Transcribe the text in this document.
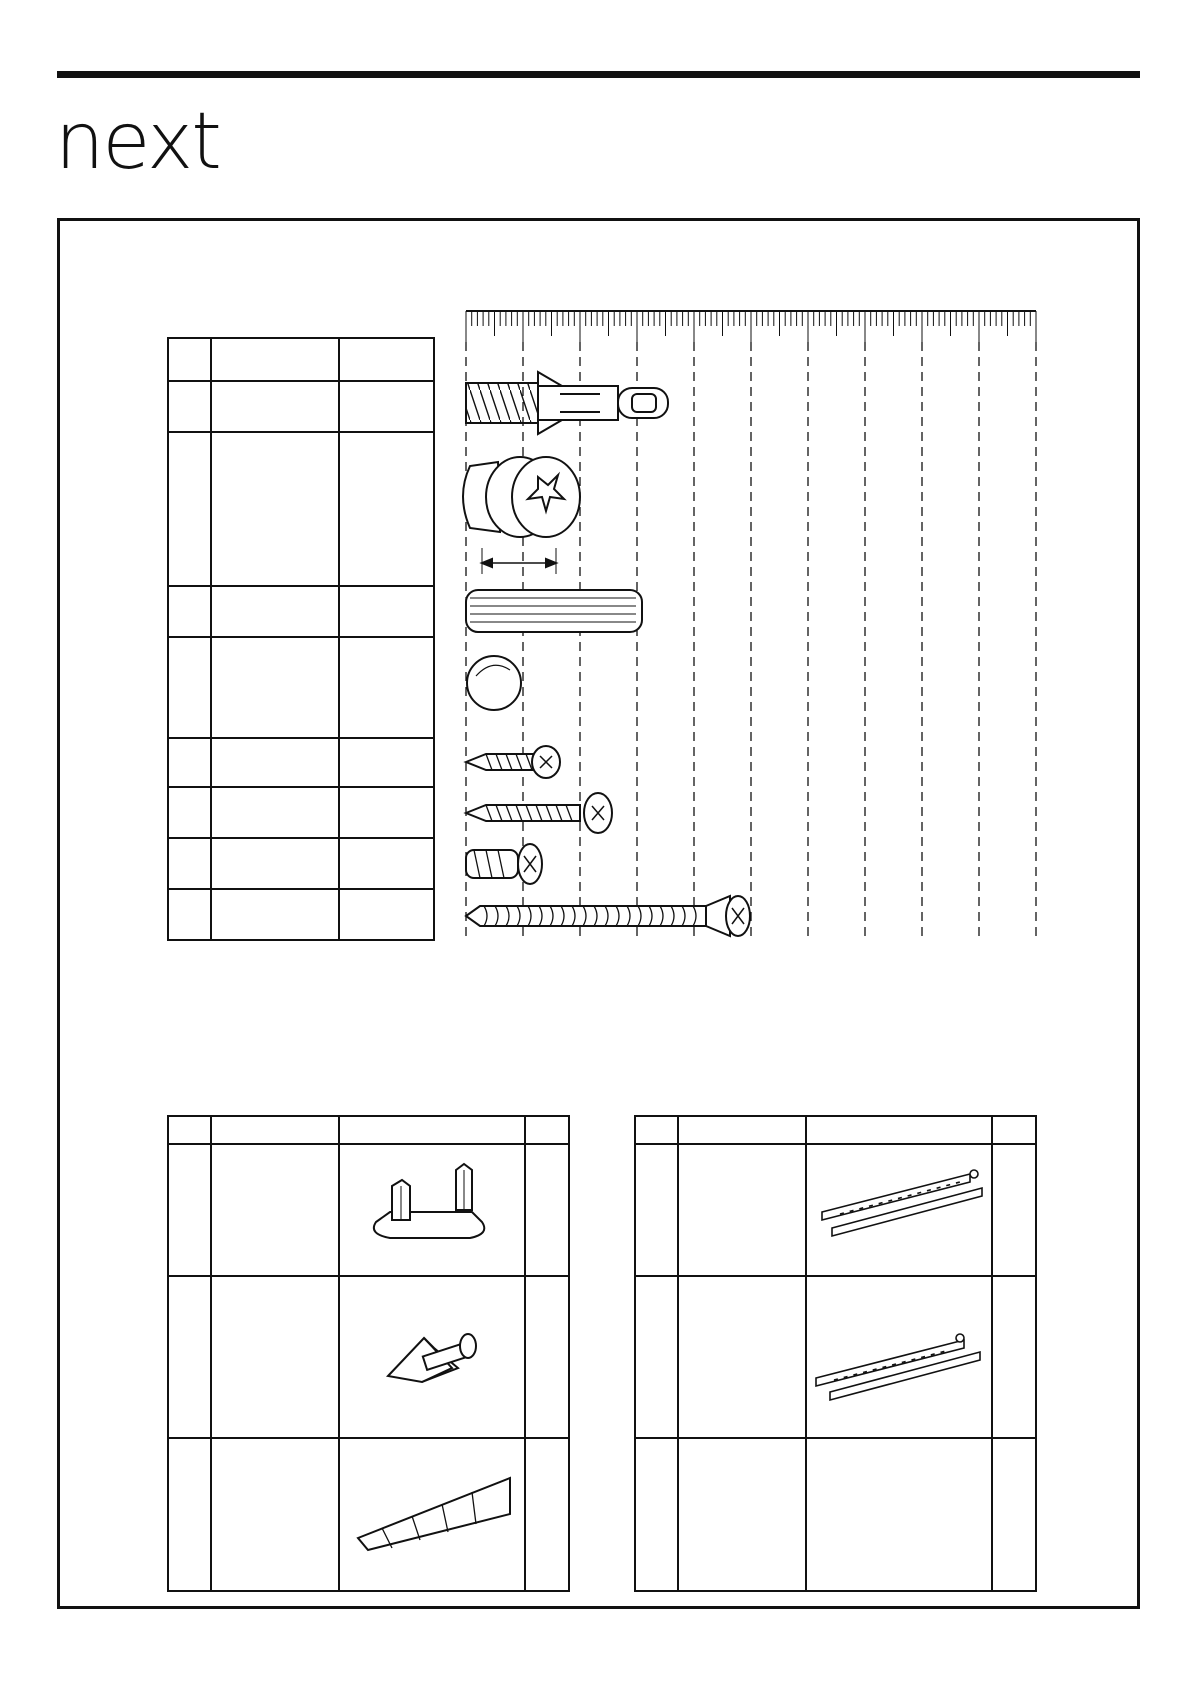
next
